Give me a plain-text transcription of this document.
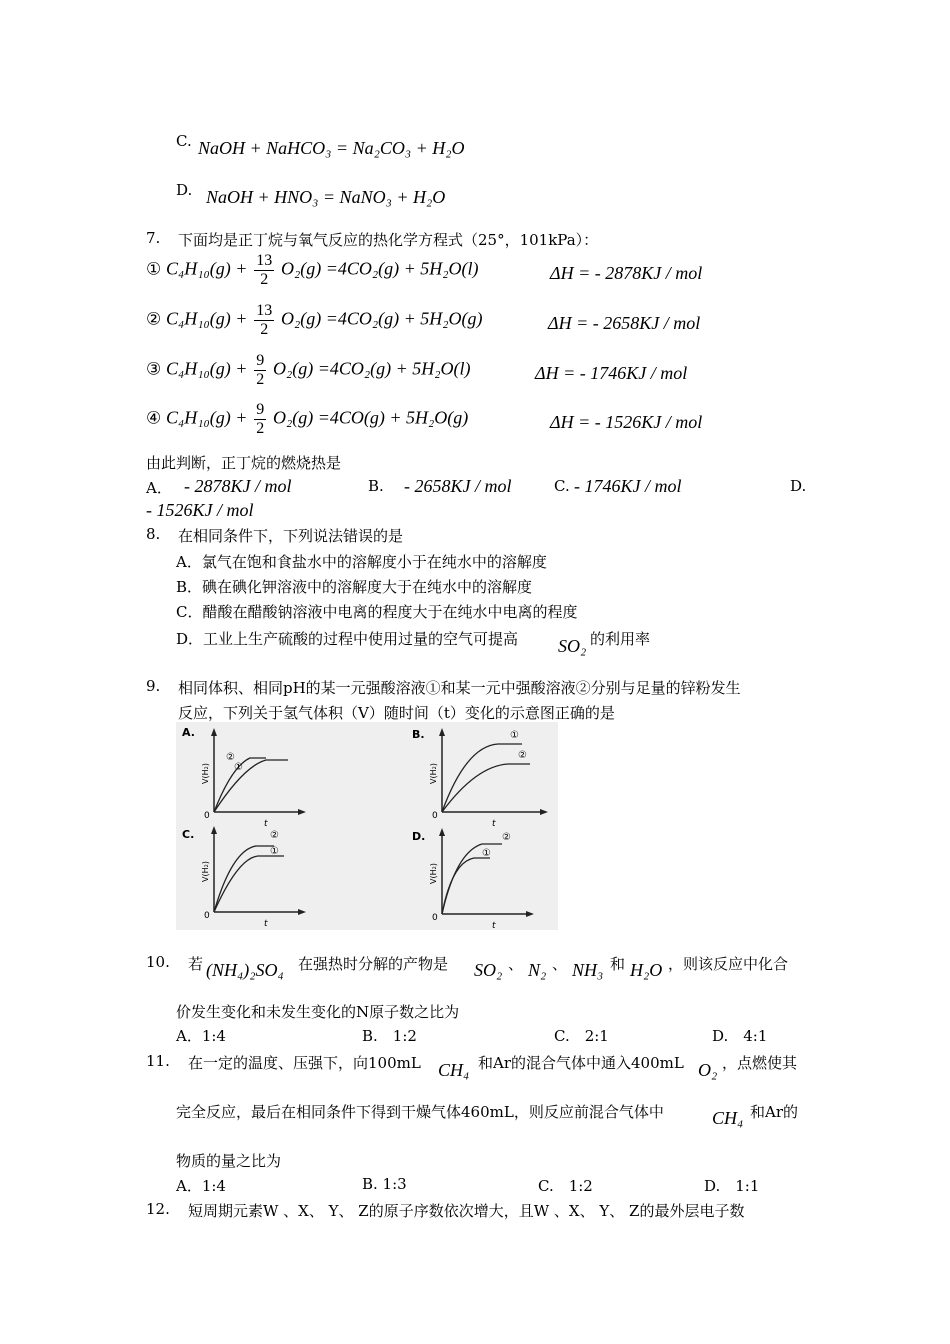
C. NaOH + NaHCO₃ = Na₂CO₃ + H₂O
D. NaOH + HNO₃ = NaNO₃ + H₂O
7. 下面均是正丁烷与氧气反应的热化学方程式（25°，101kPa）：
① $C_4H_{10}(g) + \frac{13}{2} O_2(g) =4CO_2(g) + 5H_2O(l)$	ΔH = - 2878KJ / mol
② $C_4H_{10}(g) + \frac{13}{2} O_2(g) =4CO_2(g) + 5H_2O(g)$	ΔH = - 2658KJ / mol
③ $C_4H_{10}(g) + \frac{9}{2} O_2(g) =4CO_2(g) + 5H_2O(l)$	ΔH = - 1746KJ / mol
④ $C_4H_{10}(g) + \frac{9}{2} O_2(g) =4CO(g) + 5H_2O(g)$	ΔH = - 1526KJ / mol
由此判断，正丁烷的燃烧热是
A． - 2878KJ / mol	B. - 2658KJ / mol	C. - 1746KJ / mol	D.
- 1526KJ / mol
8. 在相同条件下，下列说法错误的是
A．氯气在饱和食盐水中的溶解度小于在纯水中的溶解度
B．碘在碘化钾溶液中的溶解度大于在纯水中的溶解度
C．醋酸在醋酸钠溶液中电离的程度大于在纯水中电离的程度
D．工业上生产硫酸的过程中使用过量的空气可提高 SO₂ 的利用率
9. 相同体积、相同pH的某一元强酸溶液①和某一元中强酸溶液②分别与足量的锌粉发生
反应，下列关于氢气体积（V）随时间（t）变化的示意图正确的是
A.
0
t
V(H₂)
②
①
B.
0
t
V(H₂)
①
②
C.
0
t
V(H₂)
②
①
D.
0
t
V(H₂)
②
①
10. 若 (NH₄)₂SO₄ 在强热时分解的产物是 SO₂ 、 N₂ 、 NH₃ 和 H₂O ，则该反应中化合
价发生变化和未发生变化的N原子数之比为
A．1:4	B.　1:2	C.　2:1	D.　4:1
11. 在一定的温度、压强下，向100mL CH₄ 和Ar的混合气体中通入400mL O₂ ，点燃使其
完全反应，最后在相同条件下得到干燥气体460mL，则反应前混合气体中	CH₄ 和Ar的
物质的量之比为
A．1:4	B. 1:3	C.　1:2	D.　1:1
12. 短周期元素W 、X、 Y、 Z的原子序数依次增大，且W 、X、 Y、 Z的最外层电子数
